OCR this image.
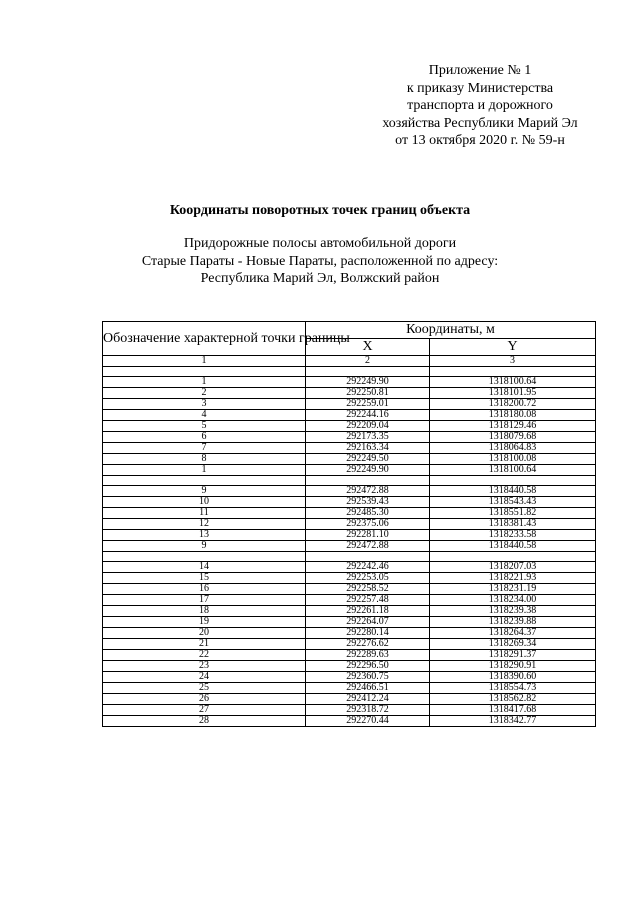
Приложение № 1
к приказу Министерства
транспорта и дорожного
хозяйства Республики Марий Эл
от 13 октября 2020 г. № 59-н
Координаты поворотных точек границ объекта
Придорожные полосы автомобильной дороги
Старые Параты - Новые Параты, расположенной по адресу:
Республика Марий Эл, Волжский район
Обозначение характерной точки границы	Координаты, м	
	X	Y
1	2	3

1	292249.90	1318100.64
2	292250.81	1318101.95
3	292259.01	1318200.72
4	292244.16	1318180.08
5	292209.04	1318129.46
6	292173.35	1318079.68
7	292163.34	1318064.83
8	292249.50	1318100.08
1	292249.90	1318100.64

9	292472.88	1318440.58
10	292539.43	1318543.43
11	292485.30	1318551.82
12	292375.06	1318381.43
13	292281.10	1318233.58
9	292472.88	1318440.58

14	292242.46	1318207.03
15	292253.05	1318221.93
16	292258.52	1318231.19
17	292257.48	1318234.00
18	292261.18	1318239.38
19	292264.07	1318239.88
20	292280.14	1318264.37
21	292276.62	1318269.34
22	292289.63	1318291.37
23	292296.50	1318290.91
24	292360.75	1318390.60
25	292466.51	1318554.73
26	292412.24	1318562.82
27	292318.72	1318417.68
28	292270.44	1318342.77
